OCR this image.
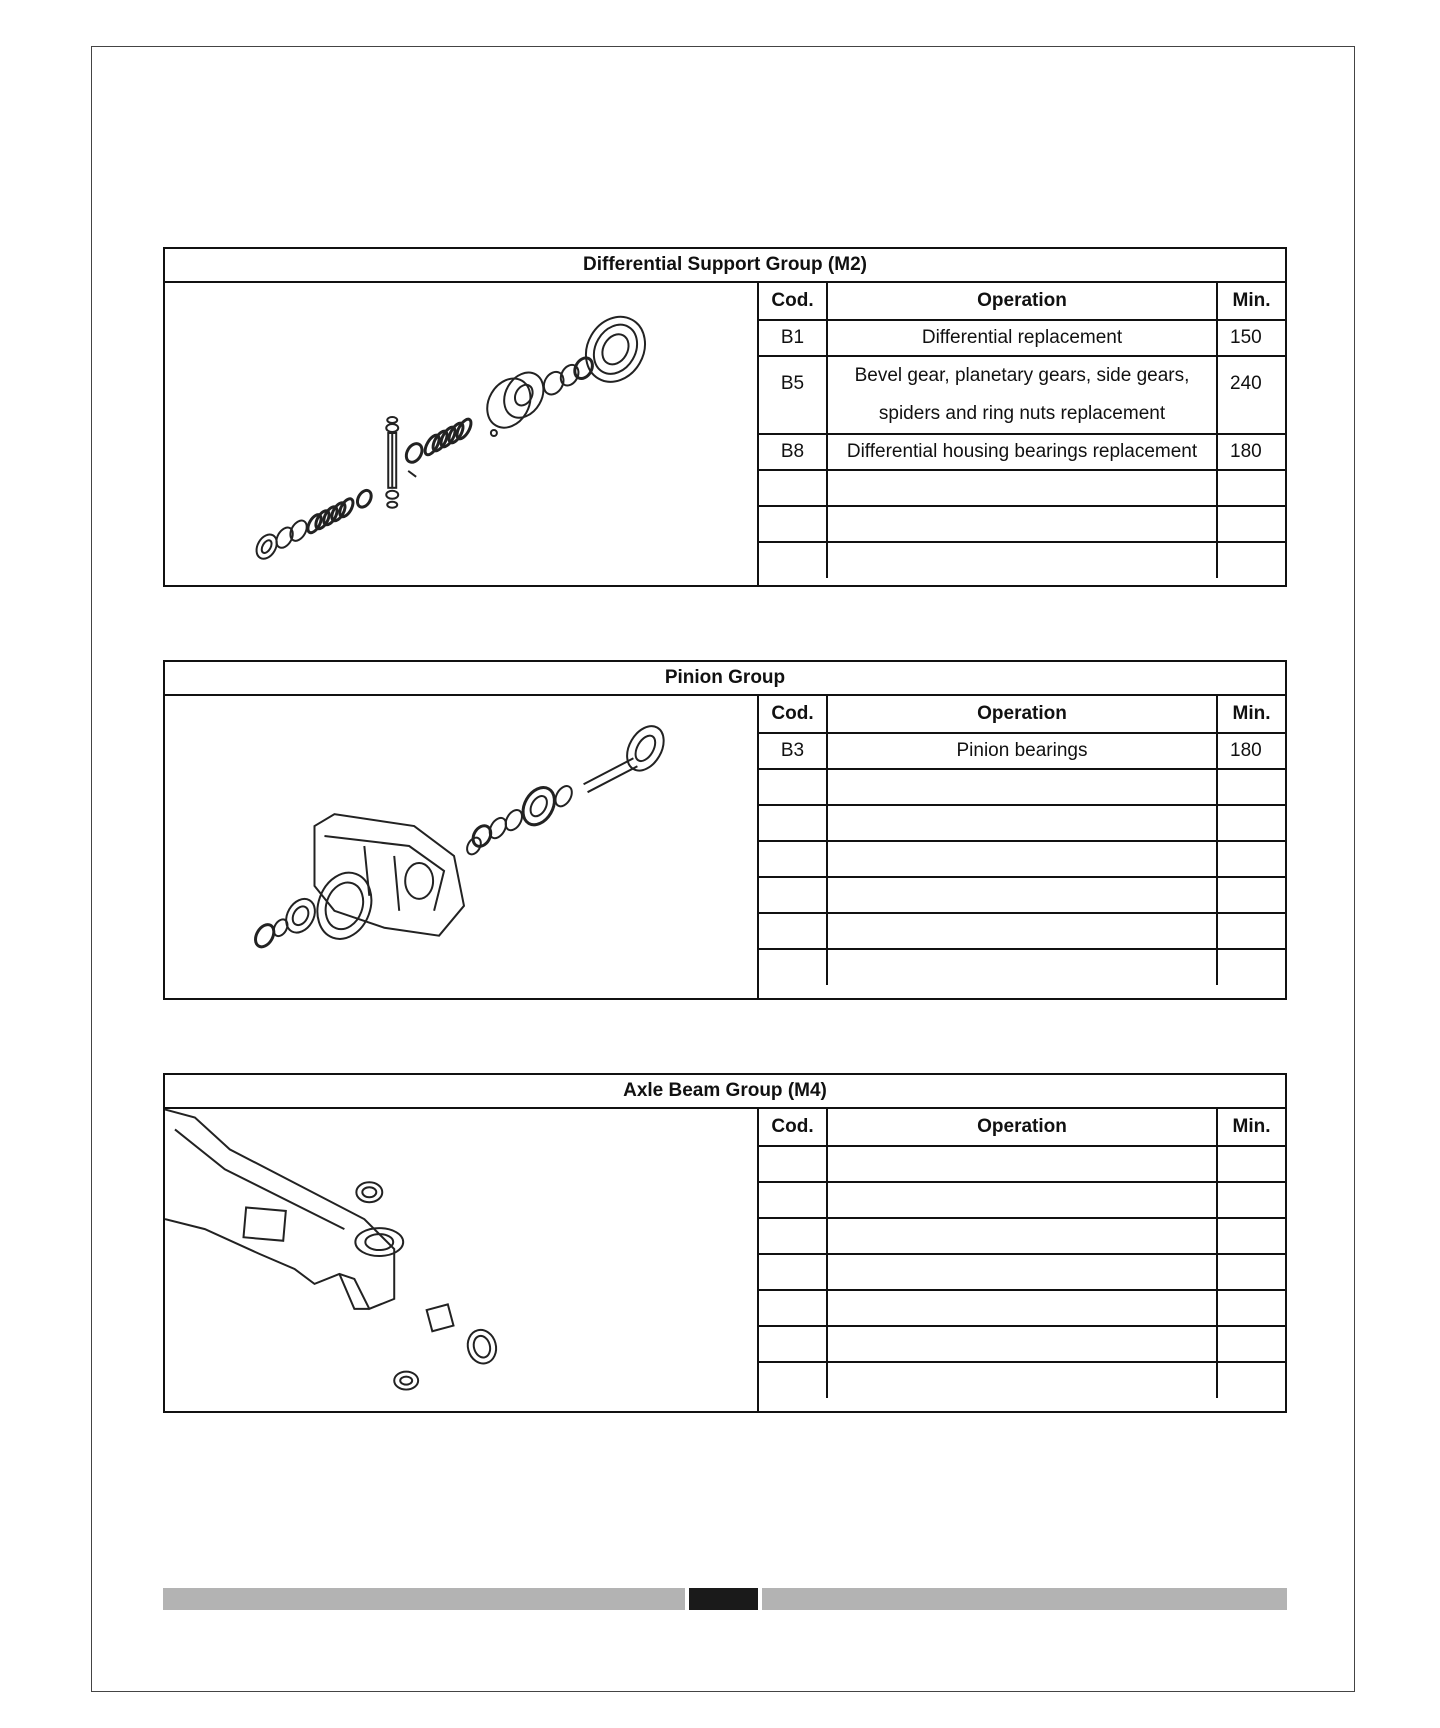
Differential Support Group (M2)
Cod.	Operation	Min.
B1	Differential replacement	150
B5	Bevel gear, planetary gears, side gears, spiders and ring nuts replacement	240
B8	Differential housing bearings replacement	180

Pinion Group
Cod.	Operation	Min.
B3	Pinion bearings	180

Axle Beam Group (M4)
Cod.	Operation	Min.
